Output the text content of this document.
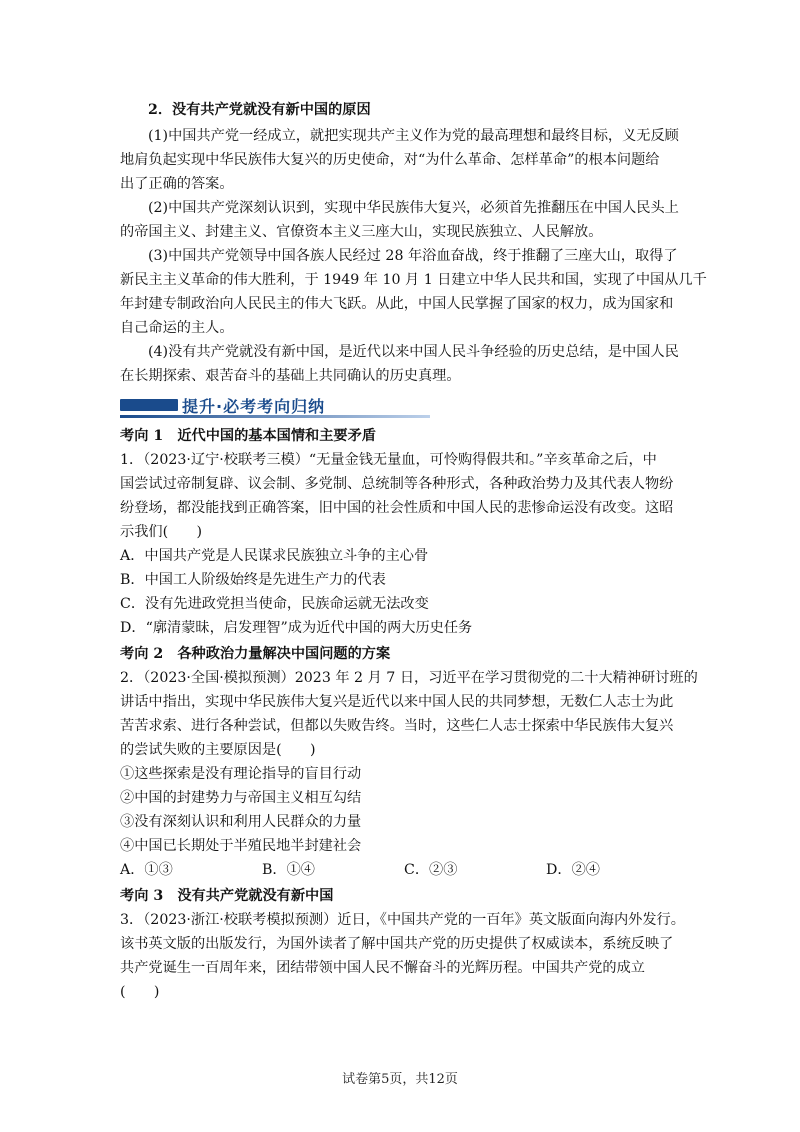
2．没有共产党就没有新中国的原因
(1)中国共产党一经成立，就把实现共产主义作为党的最高理想和最终目标，义无反顾
地肩负起实现中华民族伟大复兴的历史使命，对“为什么革命、怎样革命”的根本问题给
出了正确的答案。
(2)中国共产党深刻认识到，实现中华民族伟大复兴，必须首先推翻压在中国人民头上
的帝国主义、封建主义、官僚资本主义三座大山，实现民族独立、人民解放。
(3)中国共产党领导中国各族人民经过 28 年浴血奋战，终于推翻了三座大山，取得了
新民主主义革命的伟大胜利，于 1949 年 10 月 1 日建立中华人民共和国，实现了中国从几千
年封建专制政治向人民民主的伟大飞跃。从此，中国人民掌握了国家的权力，成为国家和
自己命运的主人。
(4)没有共产党就没有新中国，是近代以来中国人民斗争经验的历史总结，是中国人民
在长期探索、艰苦奋斗的基础上共同确认的历史真理。
提升·必考考向归纳
考向 1　近代中国的基本国情和主要矛盾
1．（2023·辽宁·校联考三模）“无量金钱无量血，可怜购得假共和。”辛亥革命之后，中
国尝试过帝制复辟、议会制、多党制、总统制等各种形式，各种政治势力及其代表人物纷
纷登场，都没能找到正确答案，旧中国的社会性质和中国人民的悲惨命运没有改变。这昭
示我们(　　)
A．中国共产党是人民谋求民族独立斗争的主心骨
B．中国工人阶级始终是先进生产力的代表
C．没有先进政党担当使命，民族命运就无法改变
D．“廓清蒙昧，启发理智”成为近代中国的两大历史任务
考向 2　各种政治力量解决中国问题的方案
2．（2023·全国·模拟预测）2023 年 2 月 7 日，习近平在学习贯彻党的二十大精神研讨班的
讲话中指出，实现中华民族伟大复兴是近代以来中国人民的共同梦想，无数仁人志士为此
苦苦求索、进行各种尝试，但都以失败告终。当时，这些仁人志士探索中华民族伟大复兴
的尝试失败的主要原因是(　　)
①这些探索是没有理论指导的盲目行动
②中国的封建势力与帝国主义相互勾结
③没有深刻认识和利用人民群众的力量
④中国已长期处于半殖民地半封建社会
A．①③	B．①④	C．②③	D．②④
考向 3　没有共产党就没有新中国
3．（2023·浙江·校联考模拟预测）近日，《中国共产党的一百年》英文版面向海内外发行。
该书英文版的出版发行，为国外读者了解中国共产党的历史提供了权威读本，系统反映了
共产党诞生一百周年来，团结带领中国人民不懈奋斗的光辉历程。中国共产党的成立
(　　)
试卷第5页，共12页
